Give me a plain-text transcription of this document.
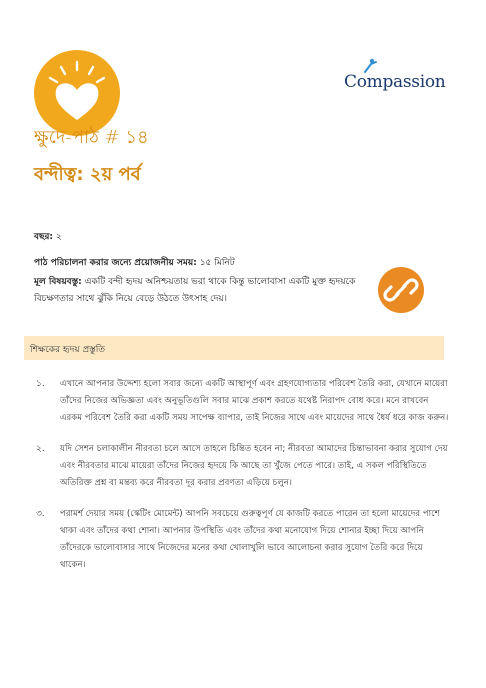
Compassion
ক্ষুদে-পাঠ # ১৪
বন্দীত্ব: ২য় পর্ব
বছর: ২
পাঠ পরিচালনা করার জন্যে প্রয়োজনীয় সময়: ১৫ মিনিট
মূল বিষয়বস্তু: একটি বন্দী হৃদয় অনিশ্চয়তায় ভরা থাকে কিন্তু ভালোবাসা একটি মুক্ত হৃদয়কে বিচক্ষণতার সাথে ঝুঁকি নিয়ে বেড়ে উঠতে উৎসাহ দেয়।
শিক্ষকের হৃদয় প্রস্তুতি
১. এখানে আপনার উদ্দেশ্য হলো সবার জন্যে একটি আস্থাপূর্ণ এবং গ্রহণযোগ্যতার পরিবেশ তৈরি করা, যেখানে মায়েরা তাঁদের নিজের অভিজ্ঞতা এবং অনুভূতিগুলি সবার মাঝে প্রকাশ করতে যথেষ্ট নিরাপদ বোধ করে। মনে রাখবেন এরকম পরিবেশ তৈরি করা একটি সময় সাপেক্ষ ব্যাপার, তাই নিজের সাথে এবং মায়েদের সাথে ধৈর্য ধরে কাজ করুন।
২. যদি সেশন চলাকালীন নীরবতা চলে আসে তাহলে চিন্তিত হবেন না; নীরবতা আমাদের চিন্তাভাবনা করার সুযোগ দেয় এবং নীরবতার মাঝে মায়েরা তাঁদের নিজের হৃদয়ে কি আছে তা খুঁজে পেতে পারে। তাই, এ সকল পরিস্থিতিতে অতিরিক্ত প্রশ্ন বা মন্তব্য করে নীরবতা দূর করার প্রবণতা এড়িয়ে চলুন।
৩. পরামর্শ দেয়ার সময় (স্কেটিং মোমেন্ট) আপনি সবচেয়ে গুরুত্বপূর্ণ যে কাজটি করতে পারেন তা হলো মায়েদের পাশে থাকা এবং তাঁদের কথা শোনা। আপনার উপস্থিতি এবং তাঁদের কথা মনোযোগ দিয়ে শোনার ইচ্ছা দিয়ে আপনি তাঁদেরকে ভালোবাসার সাথে নিজেদের মনের কথা খোলাখুলি ভাবে আলোচনা করার সুযোগ তৈরি করে দিয়ে থাকেন।
